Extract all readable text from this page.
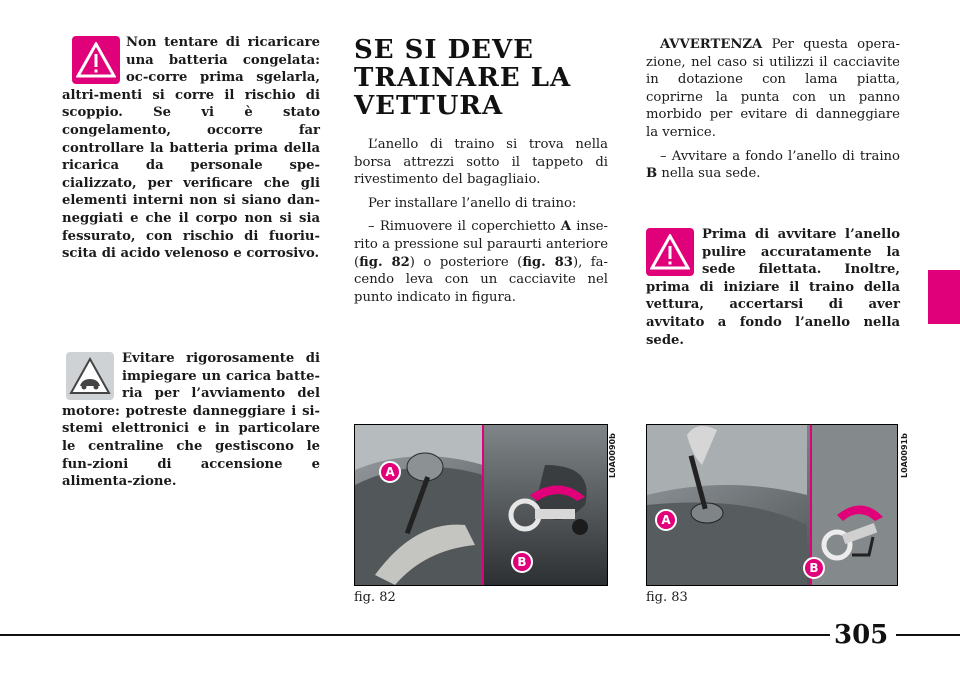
Non tentare di ricaricare una batteria congelata: oc-corre prima sgelarla, altri-menti si corre il rischio di scoppio. Se vi è stato congelamento, occorre far controllare la batteria prima della ricarica da personale spe-cializzato, per verificare che gli elementi interni non si siano dan-neggiati e che il corpo non si sia fessurato, con rischio di fuoriu-scita di acido velenoso e corrosivo.
Evitare rigorosamente di impiegare un carica batte-ria per l’avviamento del motore: potreste danneggiare i si-stemi elettronici e in particolare le centraline che gestiscono le fun-zioni di accensione e alimenta-zione.
SE SI DEVE
TRAINARE LA
VETTURA

L’anello di traino si trova nella borsa attrezzi sotto il tappeto di rivestimento del bagagliaio.

Per installare l’anello di traino:

– Rimuovere il coperchietto A inse-rito a pressione sul paraurti anteriore (fig. 82) o posteriore (fig. 83), fa-cendo leva con un cacciavite nel punto indicato in figura.

AVVERTENZA Per questa opera-zione, nel caso si utilizzi il cacciavite in dotazione con lama piatta, coprirne la punta con un panno morbido per evitare di danneggiare la vernice.

– Avvitare a fondo l’anello di traino B nella sua sede.

Prima di avvitare l’anello pulire accuratamente la sede filettata. Inoltre, prima di iniziare il traino della vettura, accertarsi di aver avvitato a fondo l’anello nella sede.
A
B
L0A0090b
fig. 82
A
B
L0A0091b
fig. 83
305
